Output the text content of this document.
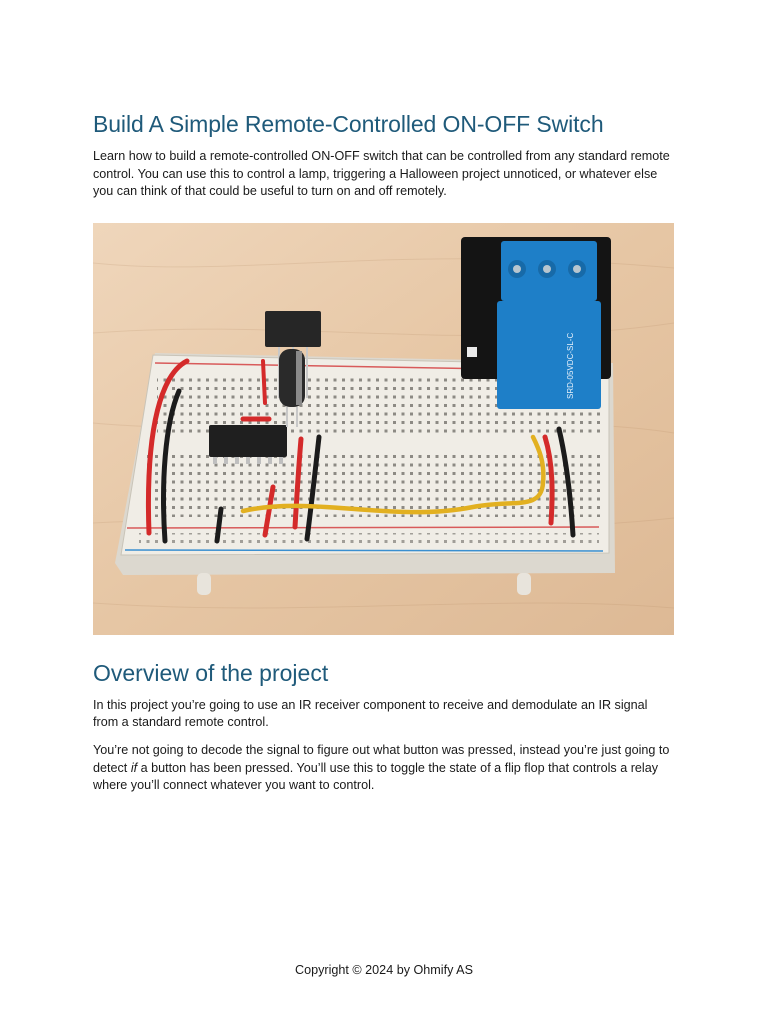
Build A Simple Remote-Controlled ON-OFF Switch

Learn how to build a remote-controlled ON-OFF switch that can be controlled from any standard remote control. You can use this to control a lamp, triggering a Halloween project unnoticed, or whatever else you can think of that could be useful to turn on and off remotely.

SRD-05VDC-SL-C
Overview of the project

In this project you’re going to use an IR receiver component to receive and demodulate an IR signal from a standard remote control.

You’re not going to decode the signal to figure out what button was pressed, instead you’re just going to detect if a button has been pressed. You’ll use this to toggle the state of a flip flop that controls a relay where you’ll connect whatever you want to control.

Copyright © 2024 by Ohmify AS
